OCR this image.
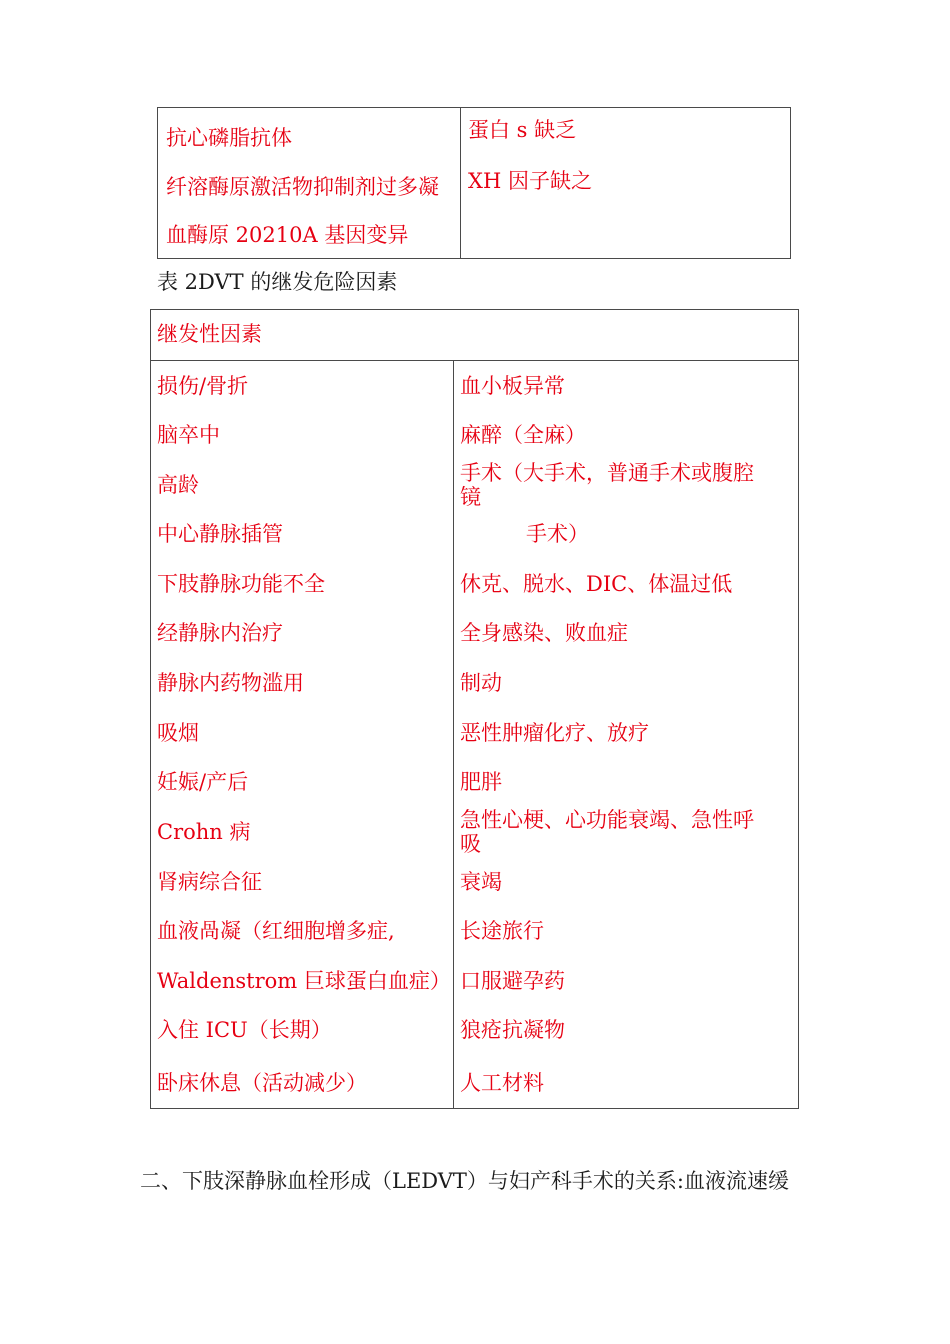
抗心磷脂抗体
纤溶酶原激活物抑制剂过多凝
血酶原 20210A 基因变异
蛋白 s 缺乏
XH 因子缺之
表 2DVT 的继发危险因素
继发性因素
损伤/骨折
脑卒中
高龄
中心静脉插管
下肢静脉功能不全
经静脉内治疗
静脉内药物滥用
吸烟
妊娠/产后
Crohn 病
肾病综合征
血液咼凝（红细胞增多症,
Waldenstrom 巨球蛋白血症）
入住 ICU（长期）
卧床休息（活动减少）
血小板异常
麻醉（全麻）
手术（大手术，普通手术或腹腔
镜
手术）
休克、脱水、DIC、体温过低
全身感染、败血症
制动
恶性肿瘤化疗、放疗
肥胖
急性心梗、心功能衰竭、急性呼
吸
衰竭
长途旅行
口服避孕药
狼疮抗凝物
人工材料
二、下肢深静脉血栓形成（LEDVT）与妇产科手术的关系:血液流速缓
